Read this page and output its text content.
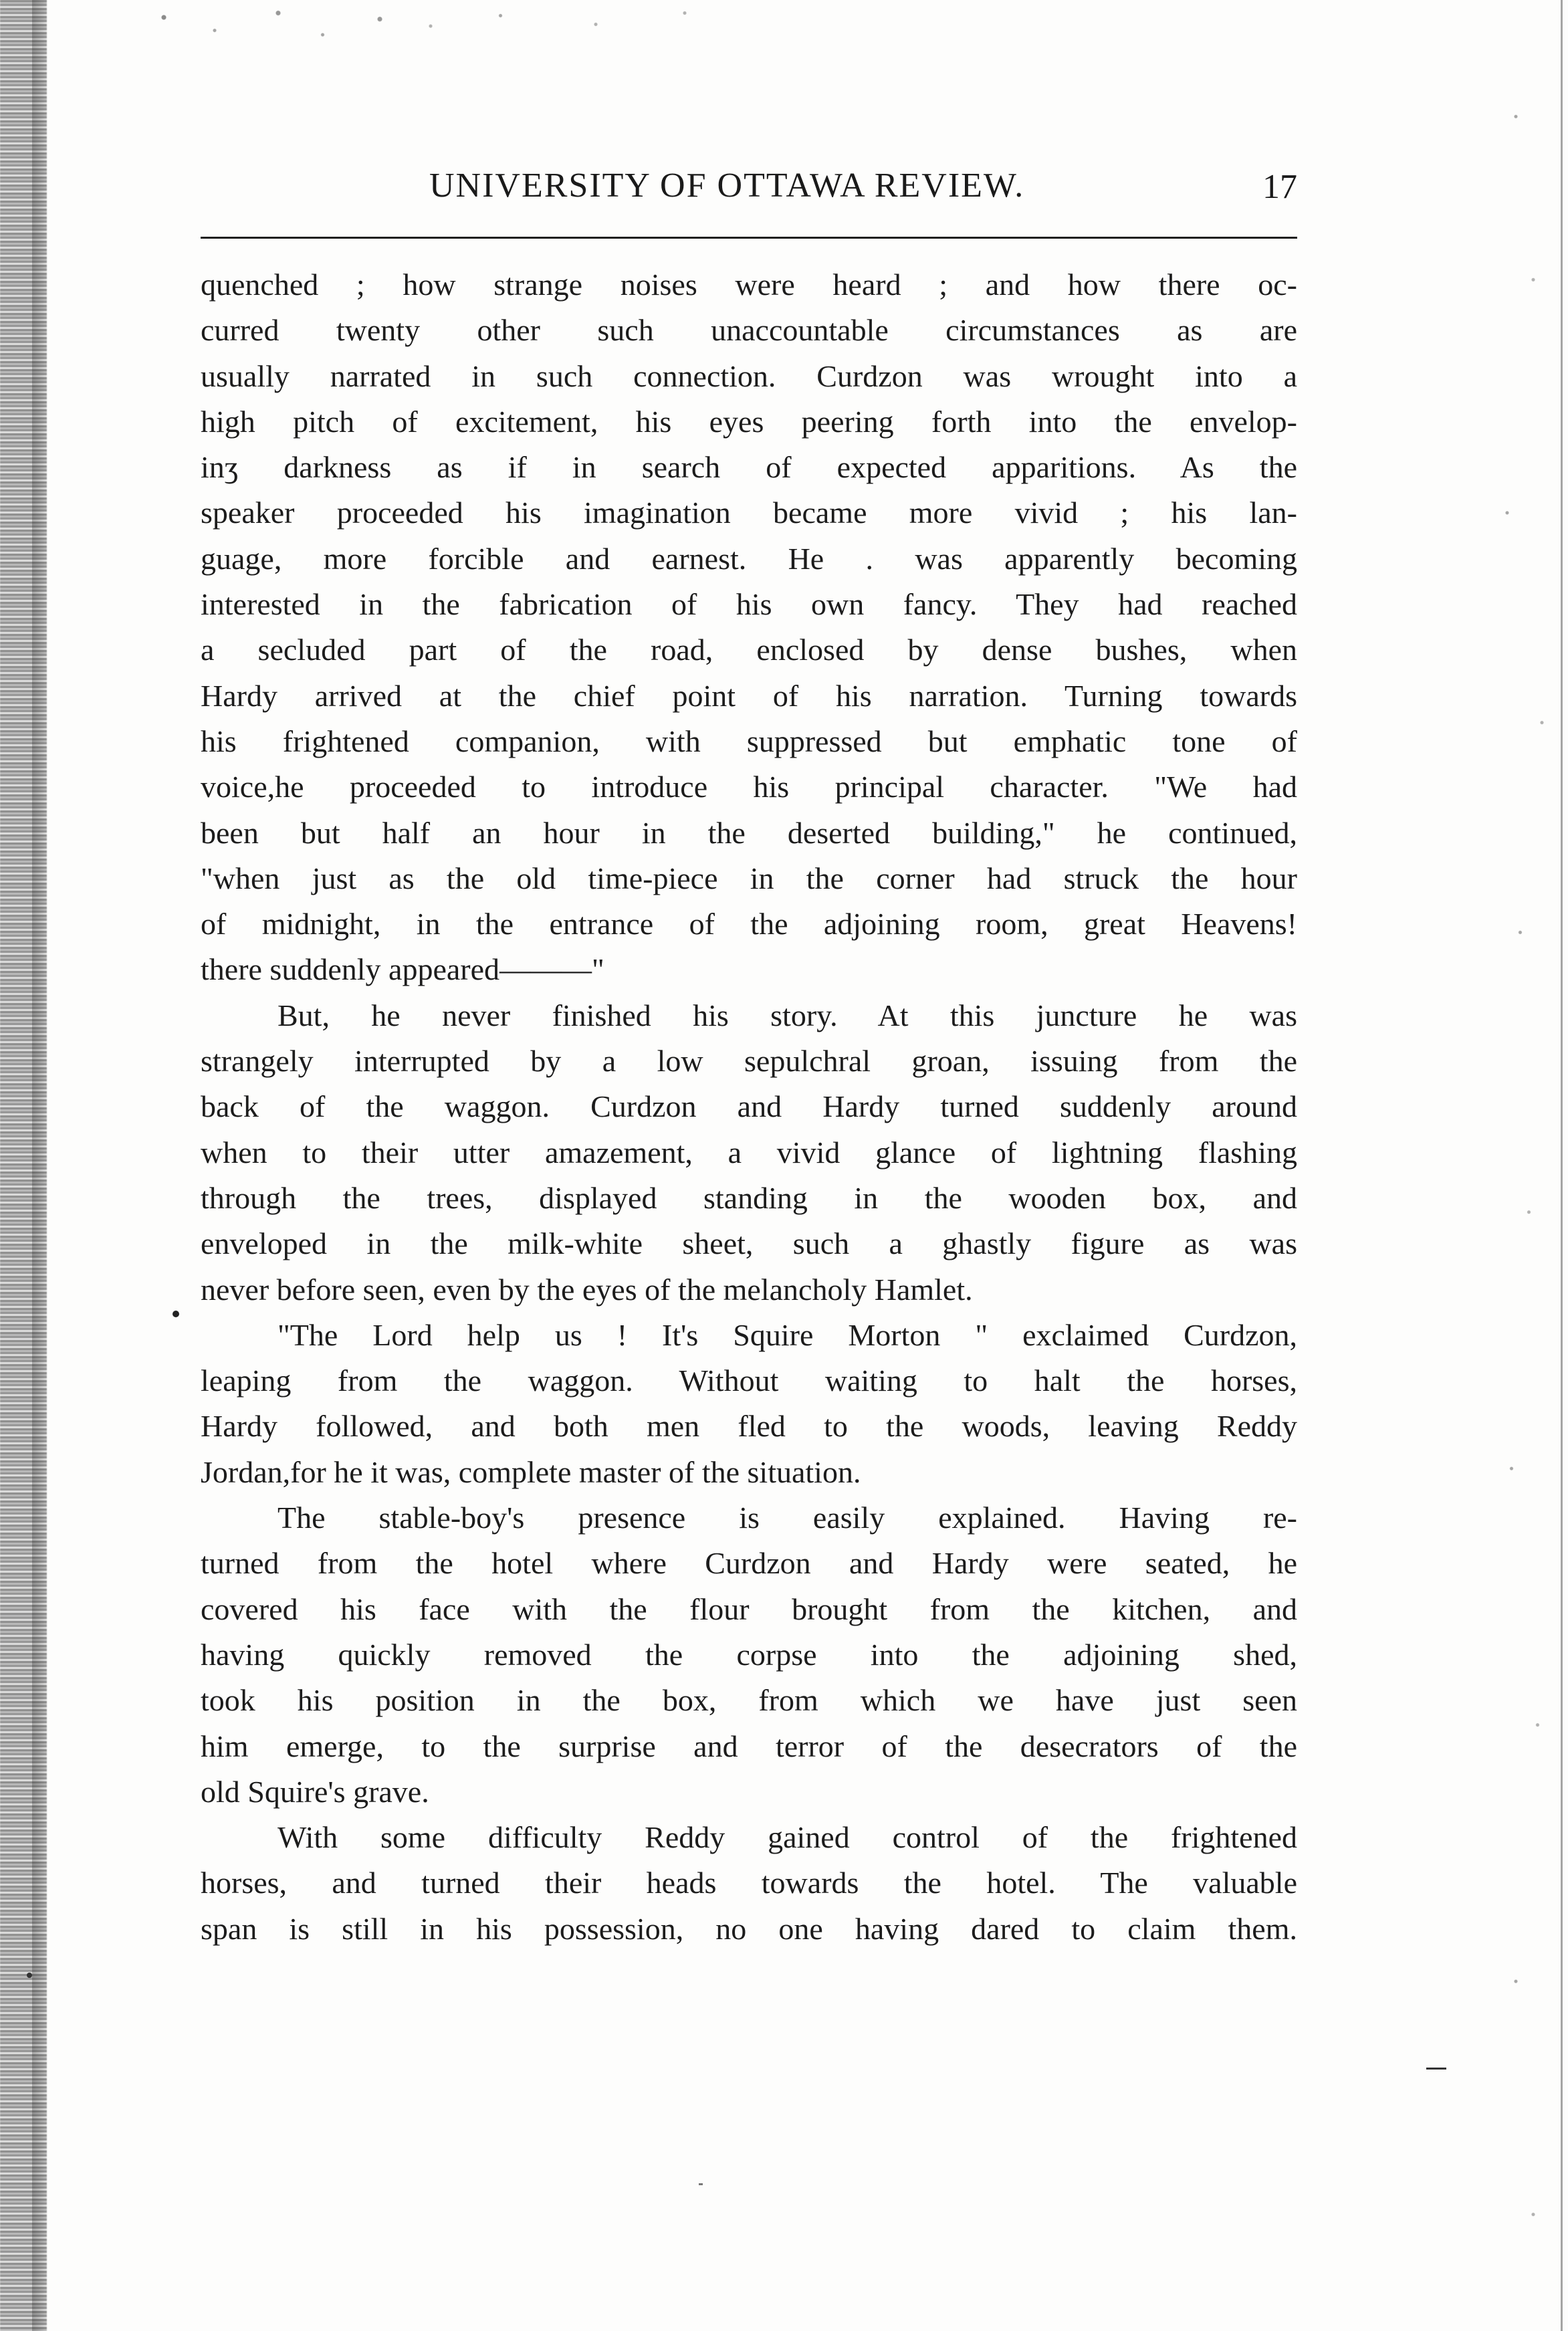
UNIVERSITY OF OTTAWA REVIEW.	17
quenched ; how strange noises were heard ; and how there oc-
curred twenty other such unaccountable circumstances as are
usually narrated in such connection. Curdzon was wrought into a
high pitch of excitement, his eyes peering forth into the envelop-
inʒ darkness as if in search of expected apparitions. As the
speaker proceeded his imagination became more vivid ; his lan-
guage, more forcible and earnest. He . was apparently becoming
interested in the fabrication of his own fancy. They had reached
a secluded part of the road, enclosed by dense bushes, when
Hardy arrived at the chief point of his narration. Turning towards
his frightened companion, with suppressed but emphatic tone of
voice,he proceeded to introduce his principal character. "We had
been but half an hour in the deserted building," he continued,
"when just as the old time-piece in the corner had struck the hour
of midnight, in the entrance of the adjoining room, great Heavens!
there suddenly appeared———"
But, he never finished his story. At this juncture he was
strangely interrupted by a low sepulchral groan, issuing from the
back of the waggon. Curdzon and Hardy turned suddenly around
when to their utter amazement, a vivid glance of lightning flashing
through the trees, displayed standing in the wooden box, and
enveloped in the milk-white sheet, such a ghastly figure as was
never before seen, even by the eyes of the melancholy Hamlet.
"The Lord help us ! It's Squire Morton " exclaimed Curdzon,
leaping from the waggon. Without waiting to halt the horses,
Hardy followed, and both men fled to the woods, leaving Reddy
Jordan,for he it was, complete master of the situation.
The stable-boy's presence is easily explained. Having re-
turned from the hotel where Curdzon and Hardy were seated, he
covered his face with the flour brought from the kitchen, and
having quickly removed the corpse into the adjoining shed,
took his position in the box, from which we have just seen
him emerge, to the surprise and terror of the desecrators of the
old Squire's grave.
With some difficulty Reddy gained control of the frightened
horses, and turned their heads towards the hotel. The valuable
span is still in his possession, no one having dared to claim them.
